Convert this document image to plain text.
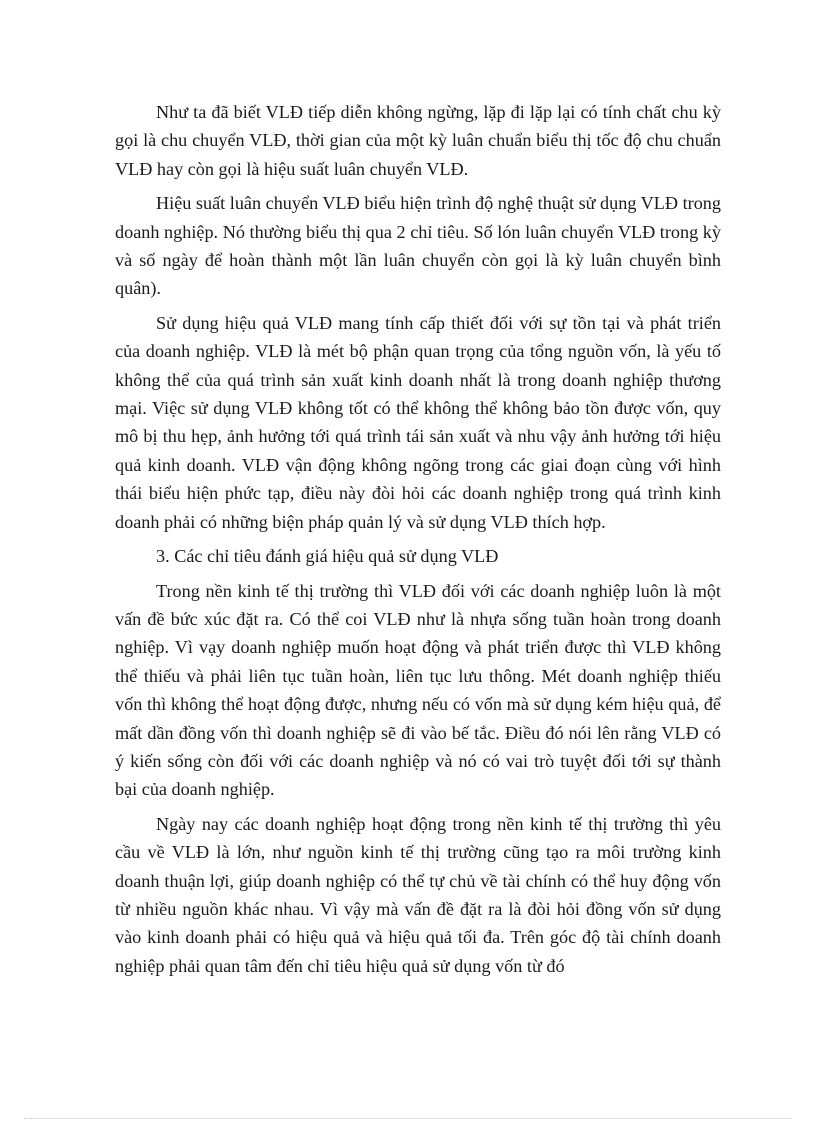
Như ta đã biết VLĐ tiếp diễn không ngừng, lặp đi lặp lại có tính chất chu kỳ gọi là chu chuyển VLĐ, thời gian của một kỳ luân chuẩn biểu thị tốc độ chu chuẩn VLĐ hay còn gọi là hiệu suất luân chuyển VLĐ.

Hiệu suất luân chuyển VLĐ biểu hiện trình độ nghệ thuật sử dụng VLĐ trong doanh nghiệp. Nó thường biểu thị qua 2 chỉ tiêu. Số lón luân chuyển VLĐ trong kỳ và số ngày để hoàn thành một lần luân chuyển còn gọi là kỳ luân chuyển bình quân).

Sử dụng hiệu quả VLĐ mang tính cấp thiết đối với sự tồn tại và phát triển của doanh nghiệp. VLĐ là mét bộ phận quan trọng của tổng nguồn vốn, là yếu tố không thể của quá trình sản xuất kinh doanh nhất là trong doanh nghiệp thương mại. Việc sử dụng VLĐ không tốt có thể không thể không bảo tồn được vốn, quy mô bị thu hẹp, ảnh hưởng tới quá trình tái sản xuất và nhu vậy ảnh hưởng tới hiệu quả kinh doanh. VLĐ vận động không ngõng trong các giai đoạn cùng với hình thái biểu hiện phức tạp, điều này đòi hỏi các doanh nghiệp trong quá trình kinh doanh phải có những biện pháp quản lý và sử dụng VLĐ thích hợp.

3. Các chỉ tiêu đánh giá hiệu quả sử dụng VLĐ

Trong nền kinh tế thị trường thì VLĐ đối với các doanh nghiệp luôn là một vấn đề bức xúc đặt ra. Có thể coi VLĐ như là nhựa sống tuần hoàn trong doanh nghiệp. Vì vạy doanh nghiệp muốn hoạt động và phát triển được thì VLĐ không thể thiếu và phải liên tục tuần hoàn, liên tục lưu thông. Mét doanh nghiệp thiếu vốn thì không thể hoạt động được, nhưng nếu có vốn mà sử dụng kém hiệu quả, để mất dần đồng vốn thì doanh nghiệp sẽ đi vào bế tắc. Điều đó nói lên rằng VLĐ có ý kiến sống còn đối với các doanh nghiệp và nó có vai trò tuyệt đối tới sự thành bại của doanh nghiệp.

Ngày nay các doanh nghiệp hoạt động trong nền kinh tế thị trường thì yêu cầu về VLĐ là lớn, như nguồn kinh tế thị trường cũng tạo ra môi trường kinh doanh thuận lợi, giúp doanh nghiệp có thể tự chủ về tài chính có thể huy động vốn từ nhiều nguồn khác nhau. Vì vậy mà vấn đề đặt ra là đòi hỏi đồng vốn sử dụng vào kinh doanh phải có hiệu quả và hiệu quả tối đa. Trên góc độ tài chính doanh nghiệp phải quan tâm đến chỉ tiêu hiệu quả sử dụng vốn từ đó
